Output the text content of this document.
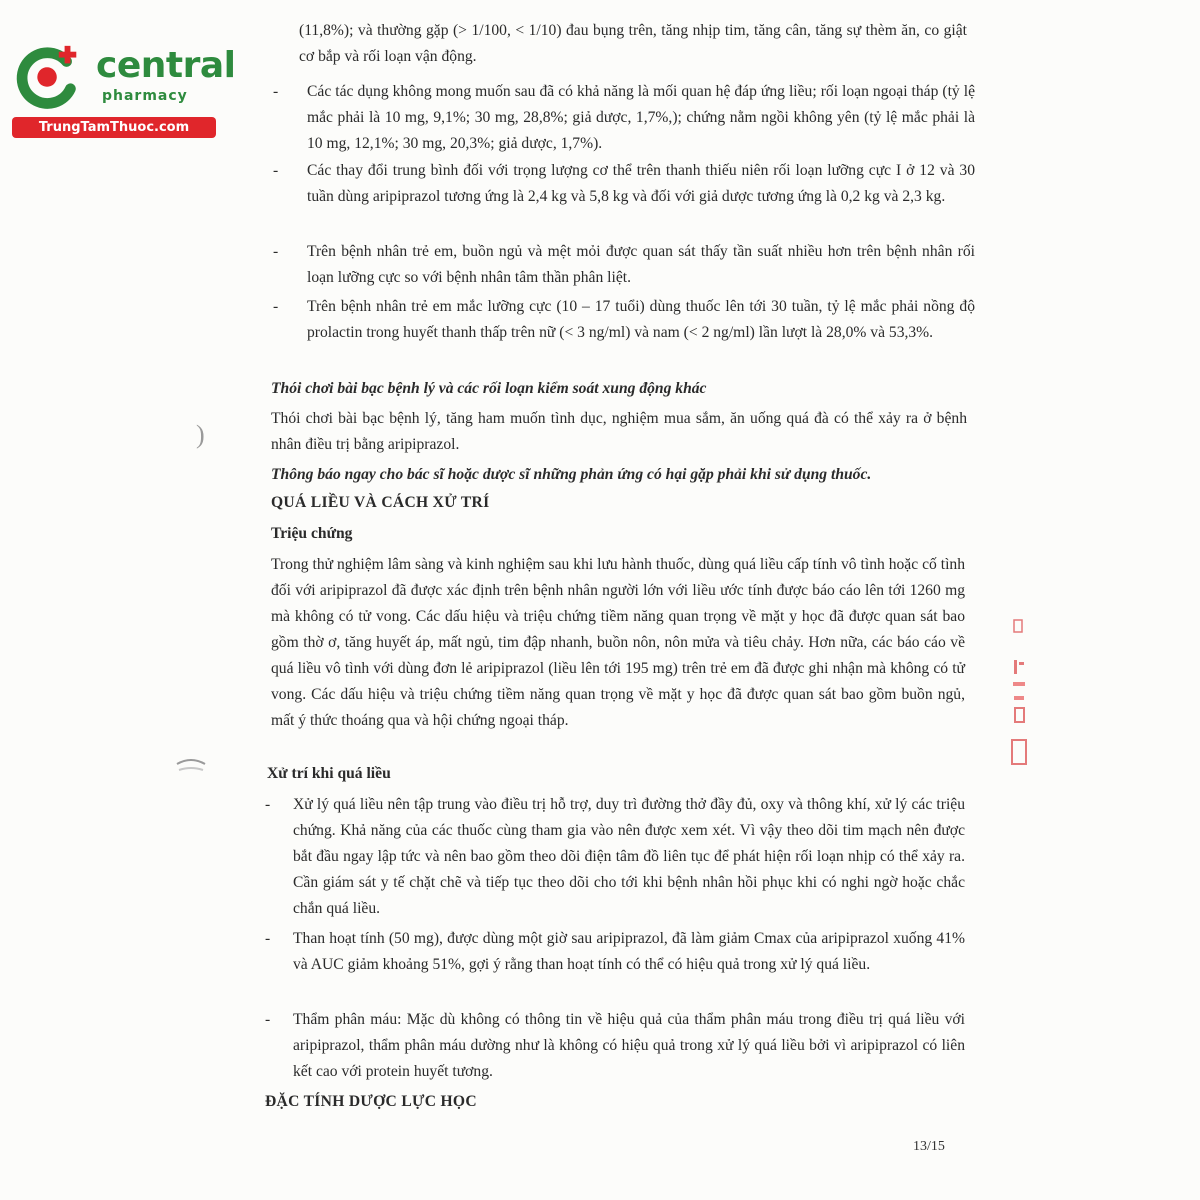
central
pharmacy
TrungTamThuoc.com
)
(11,8%); và thường gặp (> 1/100, < 1/10) đau bụng trên, tăng nhịp tim, tăng cân, tăng sự thèm ăn, co giật cơ bắp và rối loạn vận động.
- Các tác dụng không mong muốn sau đã có khả năng là mối quan hệ đáp ứng liều; rối loạn ngoại tháp (tỷ lệ mắc phải là 10 mg, 9,1%; 30 mg, 28,8%; giả dược, 1,7%,); chứng nằm ngồi không yên (tỷ lệ mắc phải là 10 mg, 12,1%; 30 mg, 20,3%; giả dược, 1,7%).
- Các thay đổi trung bình đối với trọng lượng cơ thể trên thanh thiếu niên rối loạn lưỡng cực I ở 12 và 30 tuần dùng aripiprazol tương ứng là 2,4 kg và 5,8 kg và đối với giả dược tương ứng là 0,2 kg và 2,3 kg.
- Trên bệnh nhân trẻ em, buồn ngủ và mệt mỏi được quan sát thấy tần suất nhiều hơn trên bệnh nhân rối loạn lưỡng cực so với bệnh nhân tâm thần phân liệt.
- Trên bệnh nhân trẻ em mắc lưỡng cực (10 – 17 tuổi) dùng thuốc lên tới 30 tuần, tỷ lệ mắc phải nồng độ prolactin trong huyết thanh thấp trên nữ (< 3 ng/ml) và nam (< 2 ng/ml) lần lượt là 28,0% và 53,3%.
Thói chơi bài bạc bệnh lý và các rối loạn kiểm soát xung động khác
Thói chơi bài bạc bệnh lý, tăng ham muốn tình dục, nghiệm mua sắm, ăn uống quá đà có thể xảy ra ở bệnh nhân điều trị bằng aripiprazol.
Thông báo ngay cho bác sĩ hoặc dược sĩ những phản ứng có hại gặp phải khi sử dụng thuốc.
QUÁ LIỀU VÀ CÁCH XỬ TRÍ
Triệu chứng
Trong thử nghiệm lâm sàng và kinh nghiệm sau khi lưu hành thuốc, dùng quá liều cấp tính vô tình hoặc cố tình đối với aripiprazol đã được xác định trên bệnh nhân người lớn với liều ước tính được báo cáo lên tới 1260 mg mà không có tử vong. Các dấu hiệu và triệu chứng tiềm năng quan trọng về mặt y học đã được quan sát bao gồm thờ ơ, tăng huyết áp, mất ngủ, tim đập nhanh, buồn nôn, nôn mửa và tiêu chảy. Hơn nữa, các báo cáo về quá liều vô tình với dùng đơn lẻ aripiprazol (liều lên tới 195 mg) trên trẻ em đã được ghi nhận mà không có tử vong. Các dấu hiệu và triệu chứng tiềm năng quan trọng về mặt y học đã được quan sát bao gồm buồn ngủ, mất ý thức thoáng qua và hội chứng ngoại tháp.
Xử trí khi quá liều
- Xử lý quá liều nên tập trung vào điều trị hỗ trợ, duy trì đường thở đầy đủ, oxy và thông khí, xử lý các triệu chứng. Khả năng của các thuốc cùng tham gia vào nên được xem xét. Vì vậy theo dõi tim mạch nên được bắt đầu ngay lập tức và nên bao gồm theo dõi điện tâm đồ liên tục để phát hiện rối loạn nhịp có thể xảy ra. Cần giám sát y tế chặt chẽ và tiếp tục theo dõi cho tới khi bệnh nhân hồi phục khi có nghi ngờ hoặc chắc chắn quá liều.
- Than hoạt tính (50 mg), được dùng một giờ sau aripiprazol, đã làm giảm Cmax của aripiprazol xuống 41% và AUC giảm khoảng 51%, gợi ý rằng than hoạt tính có thể có hiệu quả trong xử lý quá liều.
- Thẩm phân máu: Mặc dù không có thông tin về hiệu quả của thẩm phân máu trong điều trị quá liều với aripiprazol, thẩm phân máu dường như là không có hiệu quả trong xử lý quá liều bởi vì aripiprazol có liên kết cao với protein huyết tương.
ĐẶC TÍNH DƯỢC LỰC HỌC
13/15
